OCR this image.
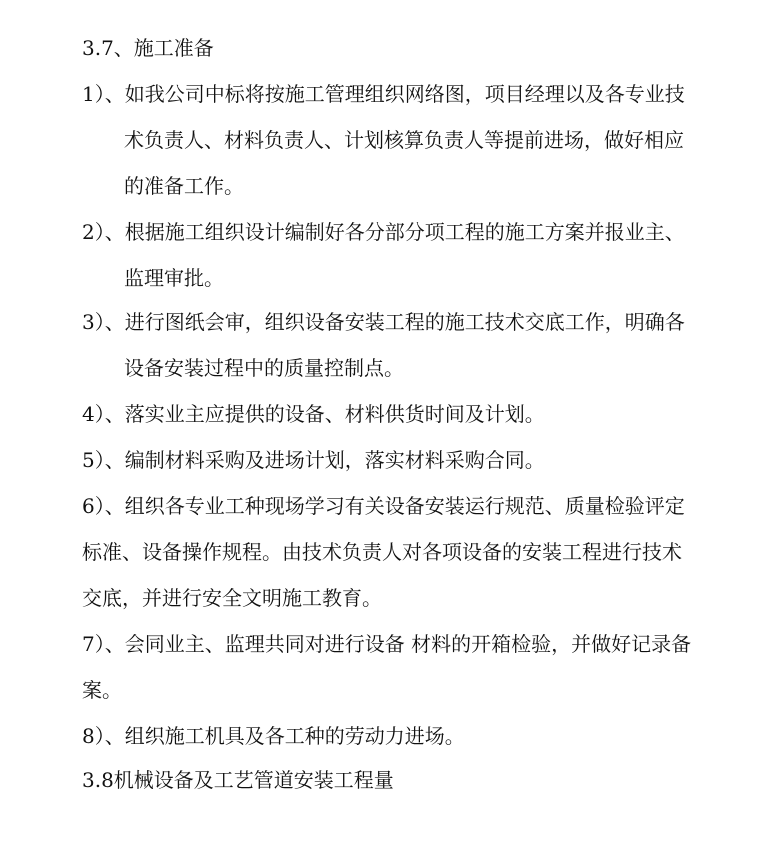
3.7、施工准备
1）、如我公司中标将按施工管理组织网络图，项目经理以及各专业技
术负责人、材料负责人、计划核算负责人等提前进场，做好相应
的准备工作。
2）、根据施工组织设计编制好各分部分项工程的施工方案并报业主、
监理审批。
3）、进行图纸会审，组织设备安装工程的施工技术交底工作，明确各
设备安装过程中的质量控制点。
4）、落实业主应提供的设备、材料供货时间及计划。
5）、编制材料采购及进场计划，落实材料采购合同。
6）、组织各专业工种现场学习有关设备安装运行规范、质量检验评定
标准、设备操作规程。由技术负责人对各项设备的安装工程进行技术
交底，并进行安全文明施工教育。
7）、会同业主、监理共同对进行设备 材料的开箱检验，并做好记录备
案。
8）、组织施工机具及各工种的劳动力进场。
3.8机械设备及工艺管道安装工程量
